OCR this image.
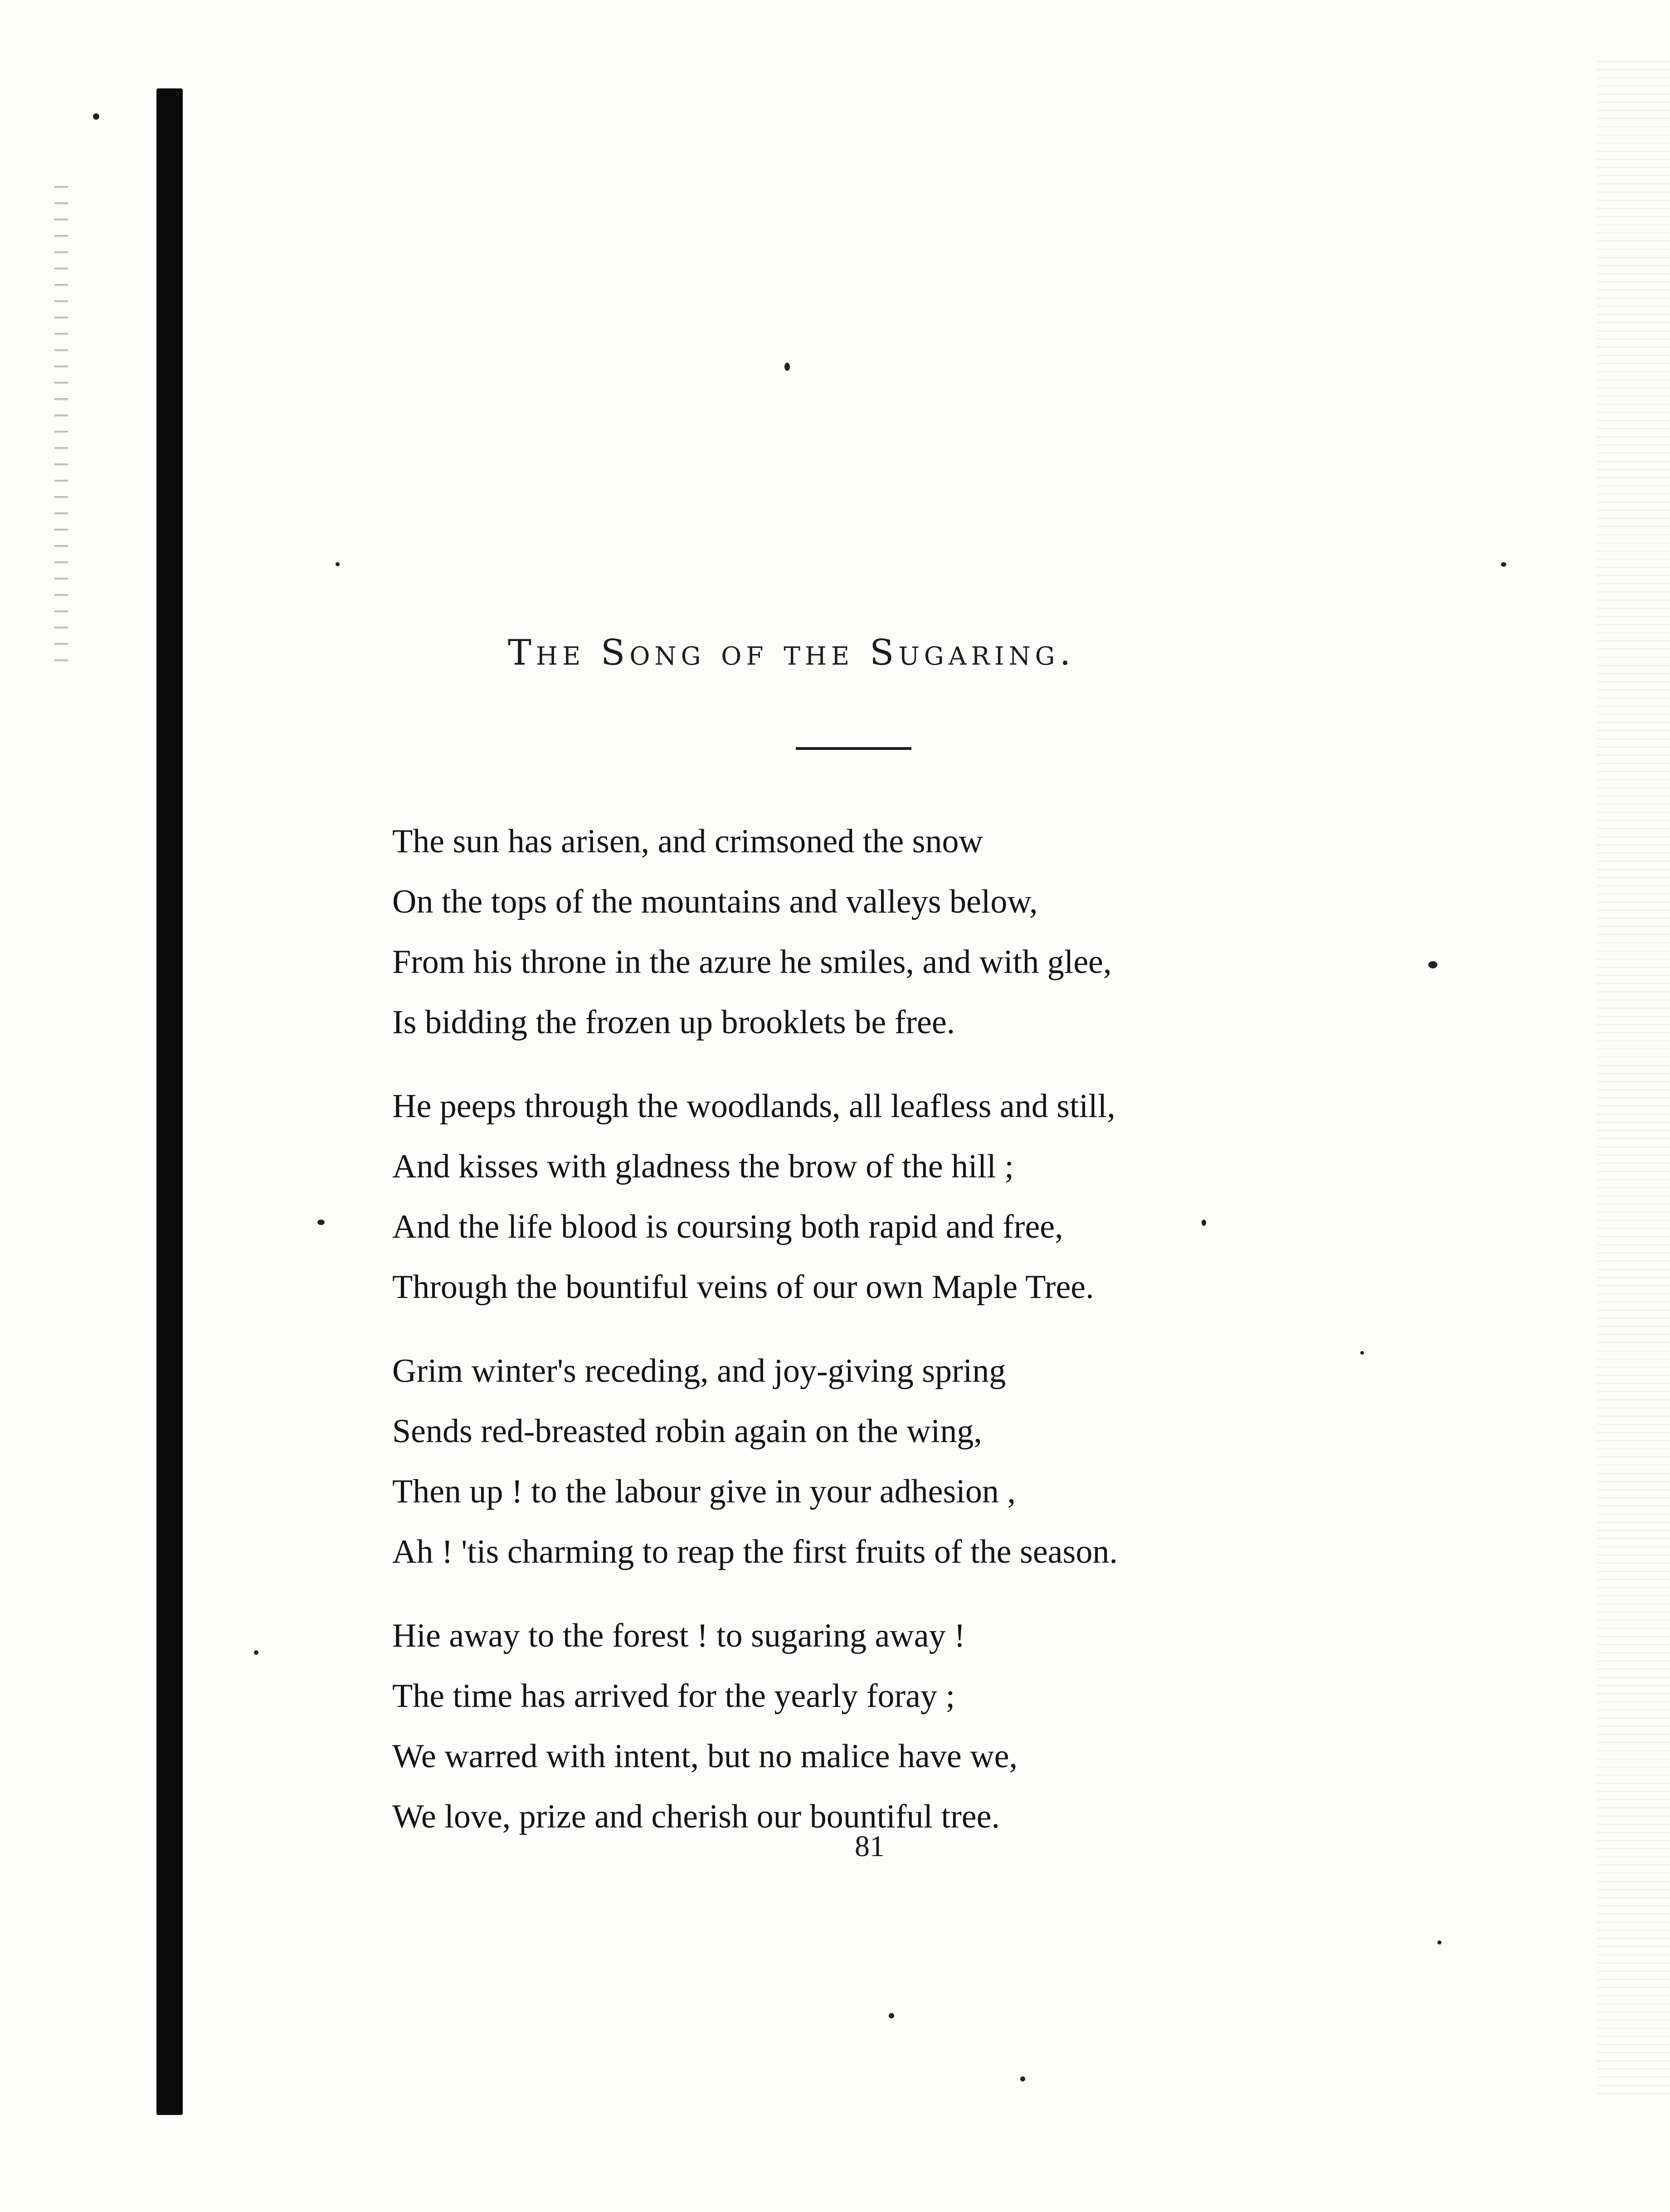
The Song of the Sugaring.
The sun has arisen, and crimsoned the snow
On the tops of the mountains and valleys below,
From his throne in the azure he smiles, and with glee,
Is bidding the frozen up brooklets be free.
He peeps through the woodlands, all leafless and still,
And kisses with gladness the brow of the hill ;
And the life blood is coursing both rapid and free,
Through the bountiful veins of our own Maple Tree.
Grim winter's receding, and joy-giving spring
Sends red-breasted robin again on the wing,
Then up ! to the labour give in your adhesion ,
Ah ! 'tis charming to reap the first fruits of the season.
Hie away to the forest ! to sugaring away !
The time has arrived for the yearly foray ;
We warred with intent, but no malice have we,
We love, prize and cherish our bountiful tree.
81
